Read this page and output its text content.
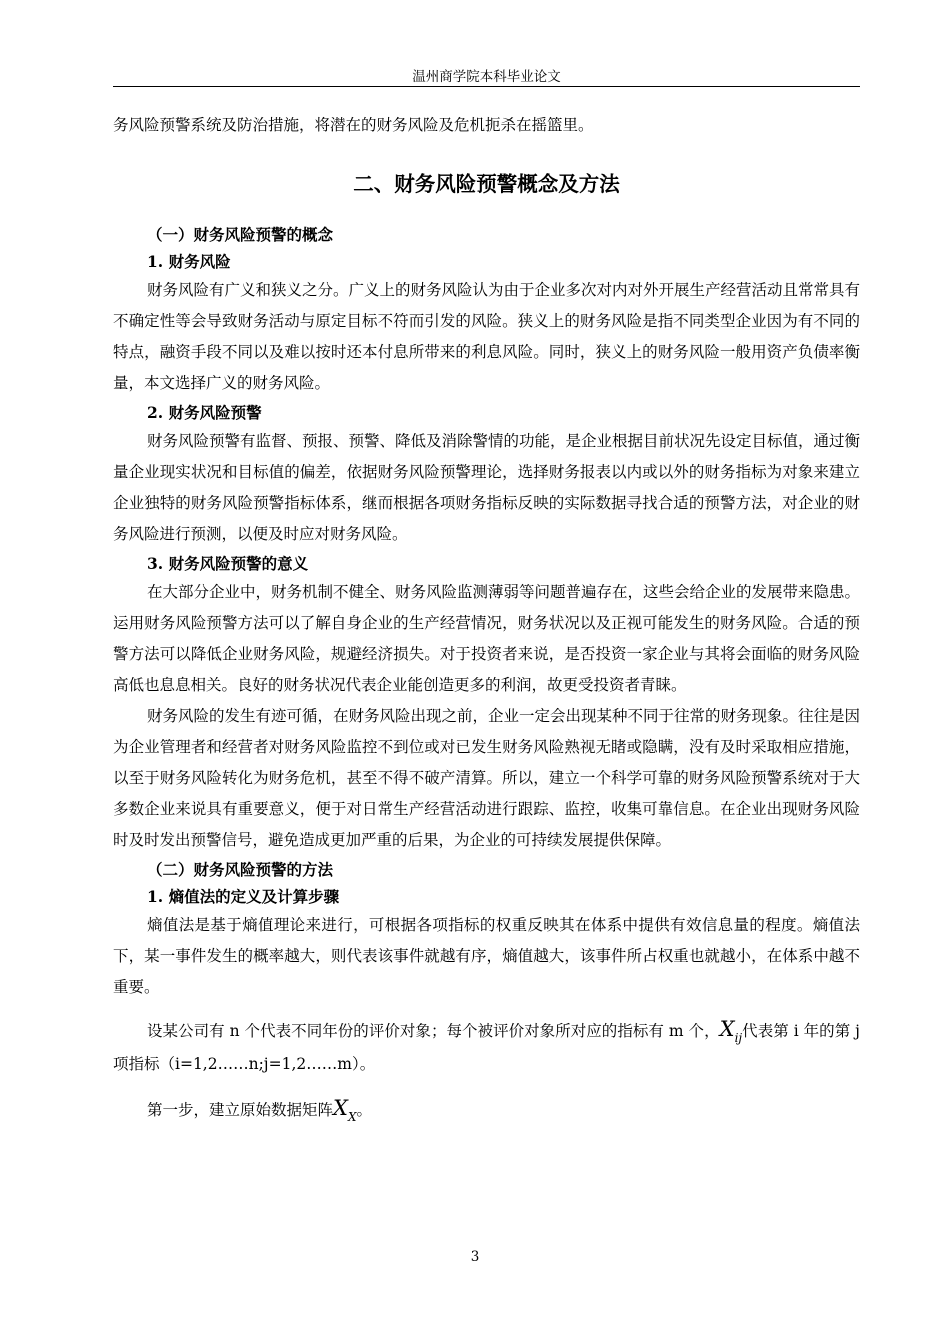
温州商学院本科毕业论文

务风险预警系统及防治措施，将潜在的财务风险及危机扼杀在摇篮里。

二、财务风险预警概念及方法
（一）财务风险预警的概念
1. 财务风险

财务风险有广义和狭义之分。广义上的财务风险认为由于企业多次对内对外开展生产经营活动且常常具有不确定性等会导致财务活动与原定目标不符而引发的风险。狭义上的财务风险是指不同类型企业因为有不同的特点，融资手段不同以及难以按时还本付息所带来的利息风险。同时，狭义上的财务风险一般用资产负债率衡量，本文选择广义的财务风险。

2. 财务风险预警

财务风险预警有监督、预报、预警、降低及消除警情的功能，是企业根据目前状况先设定目标值，通过衡量企业现实状况和目标值的偏差，依据财务风险预警理论，选择财务报表以内或以外的财务指标为对象来建立企业独特的财务风险预警指标体系，继而根据各项财务指标反映的实际数据寻找合适的预警方法，对企业的财务风险进行预测，以便及时应对财务风险。

3. 财务风险预警的意义

在大部分企业中，财务机制不健全、财务风险监测薄弱等问题普遍存在，这些会给企业的发展带来隐患。运用财务风险预警方法可以了解自身企业的生产经营情况，财务状况以及正视可能发生的财务风险。合适的预警方法可以降低企业财务风险，规避经济损失。对于投资者来说，是否投资一家企业与其将会面临的财务风险高低也息息相关。良好的财务状况代表企业能创造更多的利润，故更受投资者青睐。

财务风险的发生有迹可循，在财务风险出现之前，企业一定会出现某种不同于往常的财务现象。往往是因为企业管理者和经营者对财务风险监控不到位或对已发生财务风险熟视无睹或隐瞒，没有及时采取相应措施，以至于财务风险转化为财务危机，甚至不得不破产清算。所以，建立一个科学可靠的财务风险预警系统对于大多数企业来说具有重要意义，便于对日常生产经营活动进行跟踪、监控，收集可靠信息。在企业出现财务风险时及时发出预警信号，避免造成更加严重的后果，为企业的可持续发展提供保障。

（二）财务风险预警的方法
1. 熵值法的定义及计算步骤

熵值法是基于熵值理论来进行，可根据各项指标的权重反映其在体系中提供有效信息量的程度。熵值法下，某一事件发生的概率越大，则代表该事件就越有序，熵值越大，该事件所占权重也就越小，在体系中越不重要。

设某公司有 n 个代表不同年份的评价对象；每个被评价对象所对应的指标有 m 个，$X_{ij}$代表第 i 年的第 j 项指标（i=1,2……n;j=1,2……m）。

第一步，建立原始数据矩阵$X_X$。

3
